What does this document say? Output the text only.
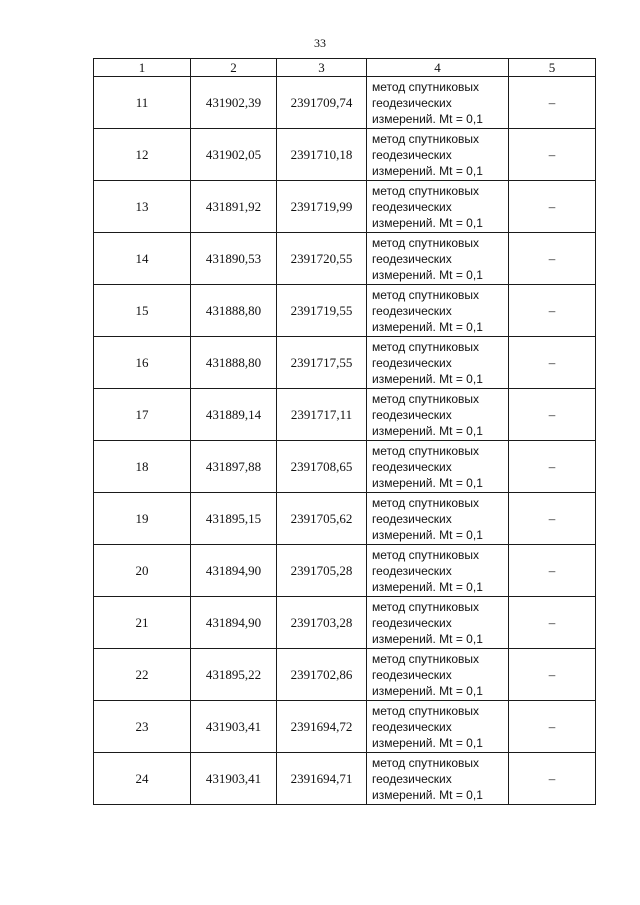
33
1	2	3	4	5
11	431902,39	2391709,74	метод спутниковых
геодезических
измерений. Mt = 0,1	–
12	431902,05	2391710,18	метод спутниковых
геодезических
измерений. Mt = 0,1	–
13	431891,92	2391719,99	метод спутниковых
геодезических
измерений. Mt = 0,1	–
14	431890,53	2391720,55	метод спутниковых
геодезических
измерений. Mt = 0,1	–
15	431888,80	2391719,55	метод спутниковых
геодезических
измерений. Mt = 0,1	–
16	431888,80	2391717,55	метод спутниковых
геодезических
измерений. Mt = 0,1	–
17	431889,14	2391717,11	метод спутниковых
геодезических
измерений. Mt = 0,1	–
18	431897,88	2391708,65	метод спутниковых
геодезических
измерений. Mt = 0,1	–
19	431895,15	2391705,62	метод спутниковых
геодезических
измерений. Mt = 0,1	–
20	431894,90	2391705,28	метод спутниковых
геодезических
измерений. Mt = 0,1	–
21	431894,90	2391703,28	метод спутниковых
геодезических
измерений. Mt = 0,1	–
22	431895,22	2391702,86	метод спутниковых
геодезических
измерений. Mt = 0,1	–
23	431903,41	2391694,72	метод спутниковых
геодезических
измерений. Mt = 0,1	–
24	431903,41	2391694,71	метод спутниковых
геодезических
измерений. Mt = 0,1	–
